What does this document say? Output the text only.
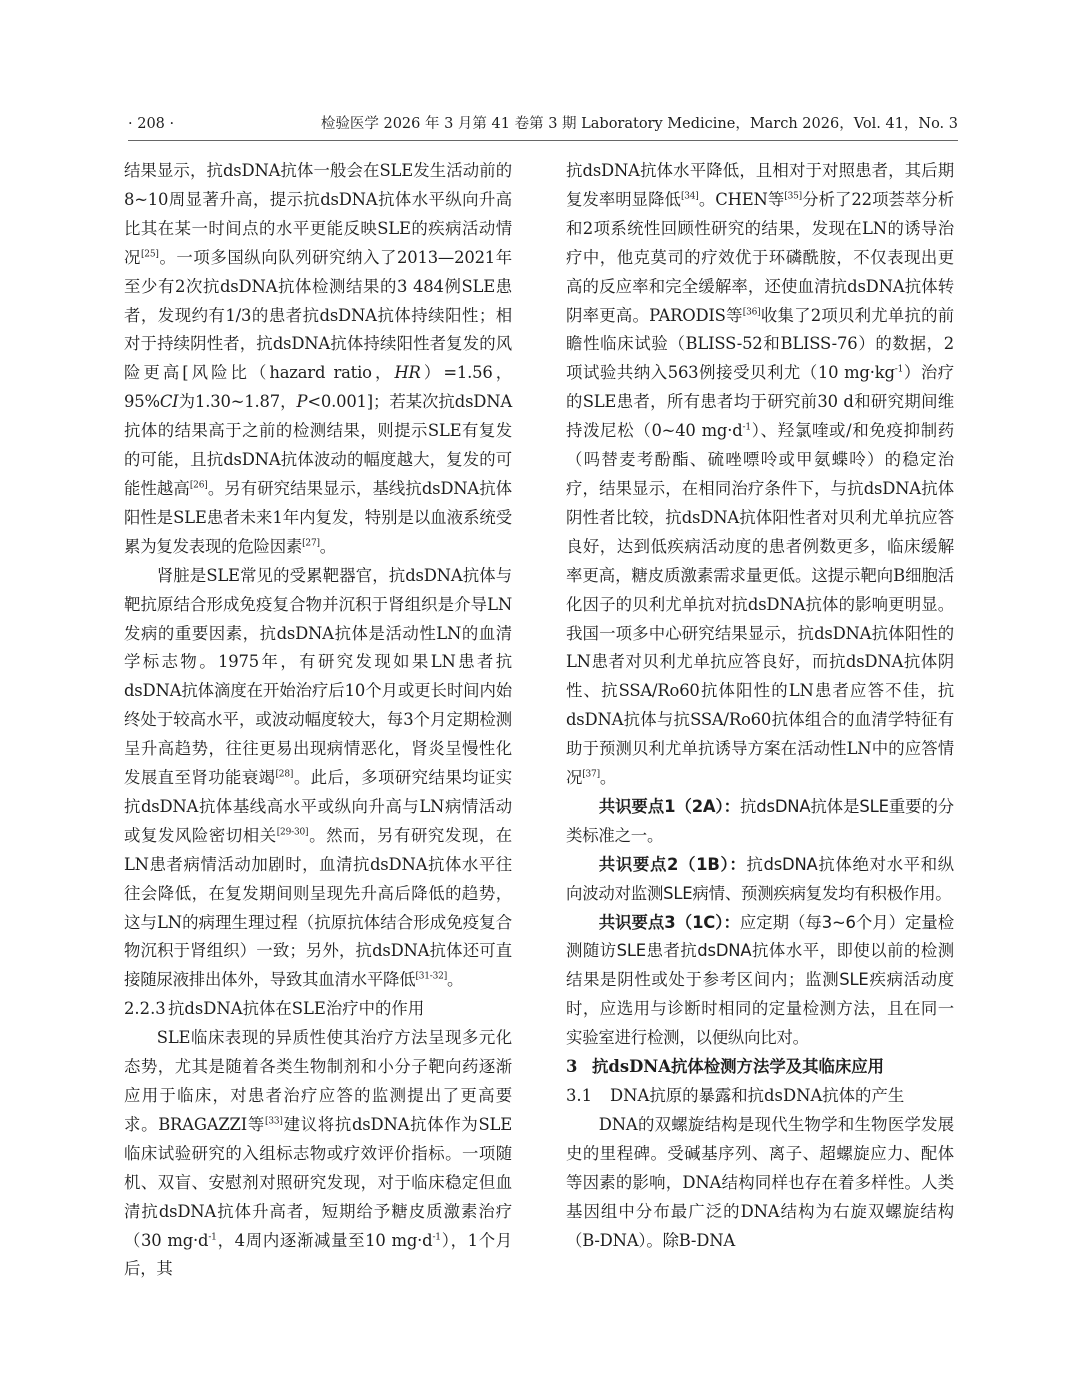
· 208 ·	检验医学 2026 年 3 月第 41 卷第 3 期 Laboratory Medicine，March 2026，Vol. 41，No. 3

结果显示，抗dsDNA抗体一般会在SLE发生活动前的8~10周显著升高，提示抗dsDNA抗体水平纵向升高比其在某一时间点的水平更能反映SLE的疾病活动情况[25]。一项多国纵向队列研究纳入了2013—2021年至少有2次抗dsDNA抗体检测结果的3 484例SLE患者，发现约有1/3的患者抗dsDNA抗体持续阳性；相对于持续阴性者，抗dsDNA抗体持续阳性者复发的风险更高[风险比（hazard ratio，HR）=1.56，95%CI为1.30~1.87，P<0.001]；若某次抗dsDNA抗体的结果高于之前的检测结果，则提示SLE有复发的可能，且抗dsDNA抗体波动的幅度越大，复发的可能性越高[26]。另有研究结果显示，基线抗dsDNA抗体阳性是SLE患者未来1年内复发，特别是以血液系统受累为复发表现的危险因素[27]。

肾脏是SLE常见的受累靶器官，抗dsDNA抗体与靶抗原结合形成免疫复合物并沉积于肾组织是介导LN发病的重要因素，抗dsDNA抗体是活动性LN的血清学标志物。1975年，有研究发现如果LN患者抗dsDNA抗体滴度在开始治疗后10个月或更长时间内始终处于较高水平，或波动幅度较大，每3个月定期检测呈升高趋势，往往更易出现病情恶化，肾炎呈慢性化发展直至肾功能衰竭[28]。此后，多项研究结果均证实抗dsDNA抗体基线高水平或纵向升高与LN病情活动或复发风险密切相关[29-30]。然而，另有研究发现，在LN患者病情活动加剧时，血清抗dsDNA抗体水平往往会降低，在复发期间则呈现先升高后降低的趋势，这与LN的病理生理过程（抗原抗体结合形成免疫复合物沉积于肾组织）一致；另外，抗dsDNA抗体还可直接随尿液排出体外，导致其血清水平降低[31-32]。

2.2.3 抗dsDNA抗体在SLE治疗中的作用

SLE临床表现的异质性使其治疗方法呈现多元化态势，尤其是随着各类生物制剂和小分子靶向药逐渐应用于临床，对患者治疗应答的监测提出了更高要求。BRAGAZZI等[33]建议将抗dsDNA抗体作为SLE临床试验研究的入组标志物或疗效评价指标。一项随机、双盲、安慰剂对照研究发现，对于临床稳定但血清抗dsDNA抗体升高者，短期给予糖皮质激素治疗（30 $mg\cdot d^{-1}$，4周内逐渐减量至10 $mg\cdot d^{-1}$），1个月后，其

抗dsDNA抗体水平降低，且相对于对照患者，其后期复发率明显降低[34]。CHEN等[35]分析了22项荟萃分析和2项系统性回顾性研究的结果，发现在LN的诱导治疗中，他克莫司的疗效优于环磷酰胺，不仅表现出更高的反应率和完全缓解率，还使血清抗dsDNA抗体转阴率更高。PARODIS等[36]收集了2项贝利尤单抗的前瞻性临床试验（BLISS-52和BLISS-76）的数据，2项试验共纳入563例接受贝利尤（10 $mg\cdot kg^{-1}$）治疗的SLE患者，所有患者均于研究前30 d和研究期间维持泼尼松（0~40 $mg\cdot d^{-1}$）、羟氯喹或/和免疫抑制药（吗替麦考酚酯、硫唑嘌呤或甲氨蝶呤）的稳定治疗，结果显示，在相同治疗条件下，与抗dsDNA抗体阴性者比较，抗dsDNA抗体阳性者对贝利尤单抗应答良好，达到低疾病活动度的患者例数更多，临床缓解率更高，糖皮质激素需求量更低。这提示靶向B细胞活化因子的贝利尤单抗对抗dsDNA抗体的影响更明显。我国一项多中心研究结果显示，抗dsDNA抗体阳性的LN患者对贝利尤单抗应答良好，而抗dsDNA抗体阴性、抗SSA/Ro60抗体阳性的LN患者应答不佳，抗dsDNA抗体与抗SSA/Ro60抗体组合的血清学特征有助于预测贝利尤单抗诱导方案在活动性LN中的应答情况[37]。

共识要点1（2A）：抗dsDNA抗体是SLE重要的分类标准之一。

共识要点2（1B）：抗dsDNA抗体绝对水平和纵向波动对监测SLE病情、预测疾病复发均有积极作用。

共识要点3（1C）：应定期（每3~6个月）定量检测随访SLE患者抗dsDNA抗体水平，即使以前的检测结果是阴性或处于参考区间内；监测SLE疾病活动度时，应选用与诊断时相同的定量检测方法，且在同一实验室进行检测，以便纵向比对。

3 抗dsDNA抗体检测方法学及其临床应用
3.1 DNA抗原的暴露和抗dsDNA抗体的产生

DNA的双螺旋结构是现代生物学和生物医学发展史的里程碑。受碱基序列、离子、超螺旋应力、配体等因素的影响，DNA结构同样也存在着多样性。人类基因组中分布最广泛的DNA结构为右旋双螺旋结构（B-DNA）。除B-DNA
